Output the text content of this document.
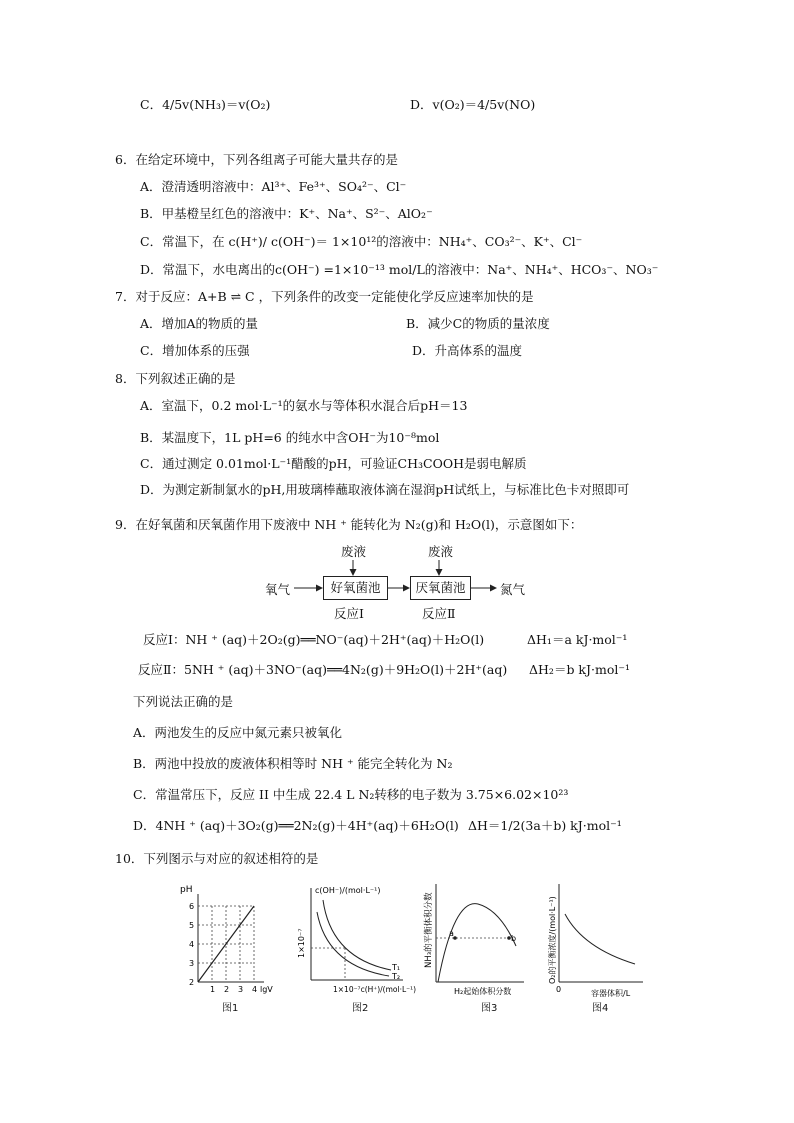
C．4/5v(NH₃)＝v(O₂)	D．v(O₂)＝4/5v(NO)
6．在给定环境中，下列各组离子可能大量共存的是
A．澄清透明溶液中：Al³⁺、Fe³⁺、SO₄²⁻、Cl⁻
B．甲基橙呈红色的溶液中：K⁺、Na⁺、S²⁻、AlO₂⁻
C．常温下，在 c(H⁺)/ c(OH⁻)＝ 1×10¹²的溶液中：NH₄⁺、CO₃²⁻、K⁺、Cl⁻
D．常温下，水电离出的c(OH⁻) =1×10⁻¹³ mol/L的溶液中：Na⁺、NH₄⁺、HCO₃⁻、NO₃⁻
7．对于反应：A+B ⇌ C ，下列条件的改变一定能使化学反应速率加快的是
A．增加A的物质的量	B．减少C的物质的量浓度
C．增加体系的压强	D．升高体系的温度
8．下列叙述正确的是
A．室温下，0.2 mol·L⁻¹的氨水与等体积水混合后pH＝13
B．某温度下，1L pH=6 的纯水中含OH⁻为10⁻⁸mol
C．通过测定 0.01mol·L⁻¹醋酸的pH，可验证CH₃COOH是弱电解质
D．为测定新制氯水的pH,用玻璃棒蘸取液体滴在湿润pH试纸上，与标准比色卡对照即可
9．在好氧菌和厌氧菌作用下废液中 NH ⁺ 能转化为 N₂(g)和 H₂O(l)，示意图如下：
废液	废液
氧气	好氧菌池	厌氧菌池	氮气
反应Ⅰ	反应Ⅱ
反应Ⅰ：NH ⁺ (aq)＋2O₂(g)══NO⁻(aq)＋2H⁺(aq)＋H₂O(l)	ΔH₁＝a kJ·mol⁻¹
反应Ⅱ：5NH ⁺ (aq)＋3NO⁻(aq)══4N₂(g)＋9H₂O(l)＋2H⁺(aq) ΔH₂＝b kJ·mol⁻¹
下列说法正确的是
A．两池发生的反应中氮元素只被氧化
B．两池中投放的废液体积相等时 NH ⁺ 能完全转化为 N₂
C．常温常压下，反应 II 中生成 22.4 L N₂转移的电子数为 3.75×6.02×10²³
D．4NH ⁺ (aq)＋3O₂(g)══2N₂(g)＋4H⁺(aq)＋6H₂O(l) ΔH＝1/2(3a＋b) kJ·mol⁻¹
10．下列图示与对应的叙述相符的是
pH
2
3
4
5
6
1 2 3 4 lgV
图1
c(OH⁻)/(mol·L⁻¹)
1×10⁻⁷
T₁
T₂
1×10⁻⁷c(H⁺)/(mol·L⁻¹)
图2
NH₃的平衡体积分数 a
b
H₂起始体积分数
图3
O₂的平衡浓度/(mol·L⁻¹)
0	容器体积/L
图4
